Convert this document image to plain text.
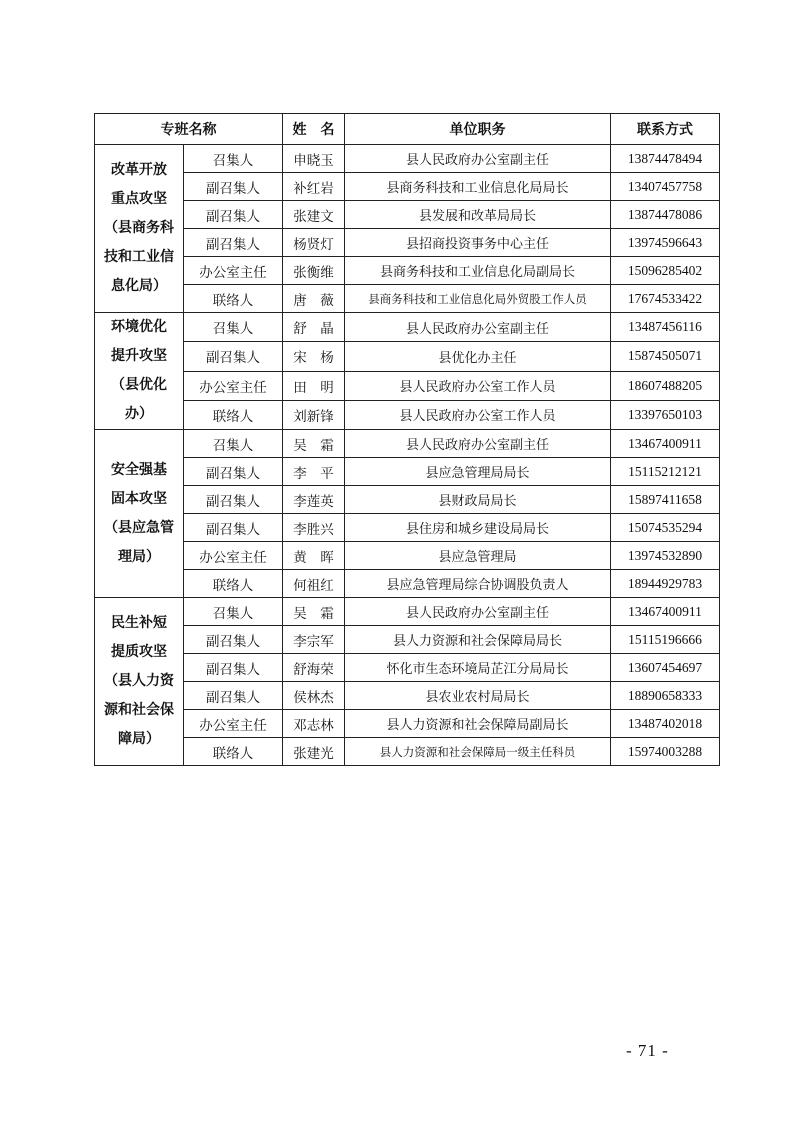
专班名称		姓　名	单位职务	联系方式

改革开放
重点攻坚
（县商务科
技和工业信
息化局）	召集人	申晓玉	县人民政府办公室副主任	13874478494
	副召集人	补红岩	县商务科技和工业信息化局局长	13407457758
	副召集人	张建文	县发展和改革局局长	13874478086
	副召集人	杨贤灯	县招商投资事务中心主任	13974596643
	办公室主任	张衡维	县商务科技和工业信息化局副局长	15096285402
	联络人	唐　薇	县商务科技和工业信息化局外贸股工作人员	17674533422

环境优化
提升攻坚
（县优化
办）	召集人	舒　晶	县人民政府办公室副主任	13487456116
	副召集人	宋　杨	县优化办主任	15874505071
	办公室主任	田　明	县人民政府办公室工作人员	18607488205
	联络人	刘新锋	县人民政府办公室工作人员	13397650103

安全强基
固本攻坚
（县应急管
理局）	召集人	吴　霜	县人民政府办公室副主任	13467400911
	副召集人	李　平	县应急管理局局长	15115212121
	副召集人	李莲英	县财政局局长	15897411658
	副召集人	李胜兴	县住房和城乡建设局局长	15074535294
	办公室主任	黄　晖	县应急管理局	13974532890
	联络人	何祖红	县应急管理局综合协调股负责人	18944929783

民生补短
提质攻坚
（县人力资
源和社会保
障局）	召集人	吴　霜	县人民政府办公室副主任	13467400911
	副召集人	李宗军	县人力资源和社会保障局局长	15115196666
	副召集人	舒海荣	怀化市生态环境局芷江分局局长	13607454697
	副召集人	侯林杰	县农业农村局局长	18890658333
	办公室主任	邓志林	县人力资源和社会保障局副局长	13487402018
	联络人	张建光	县人力资源和社会保障局一级主任科员	15974003288
- 71 -
